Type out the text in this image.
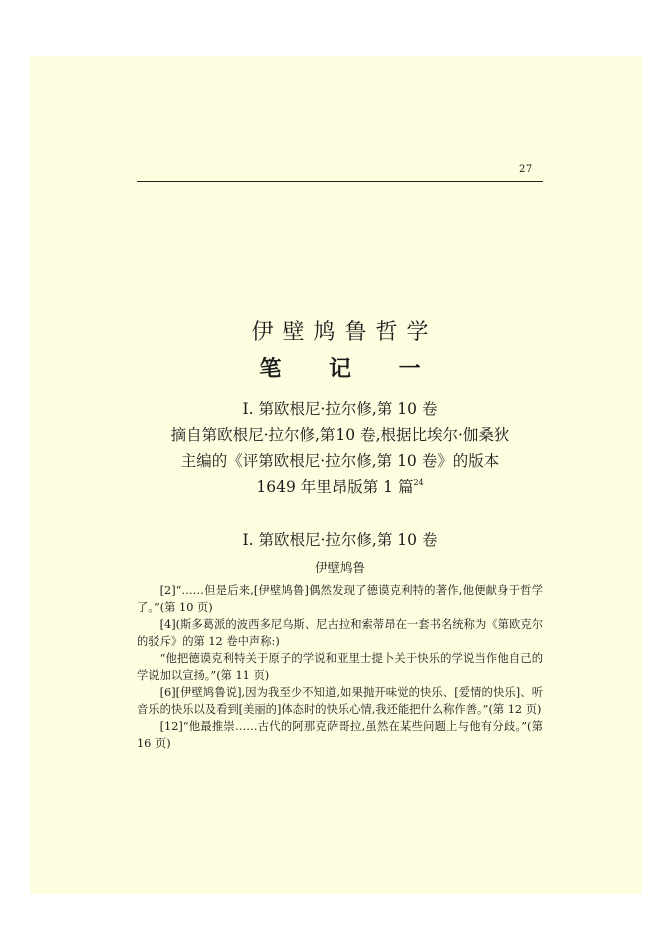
27
伊壁鸠鲁哲学
笔 记 一
Ⅰ. 第欧根尼·拉尔修,第 10 卷
摘自第欧根尼·拉尔修,第10 卷,根据比埃尔·伽桑狄
主编的《评第欧根尼·拉尔修,第 10 卷》的版本
1649 年里昂版第 1 篇$^{24}$
Ⅰ. 第欧根尼·拉尔修,第 10 卷
伊壁鸠鲁

[2]“……但是后来,[伊壁鸠鲁]偶然发现了德谟克利特的著作,他便献身于哲学了。”(第 10 页)

[4](斯多葛派的波西多尼乌斯、尼古拉和索蒂昂在一套书名统称为《第欧克尔的驳斥》的第 12 卷中声称:)

“他把德谟克利特关于原子的学说和亚里士提卜关于快乐的学说当作他自己的学说加以宣扬。”(第 11 页)

[6][伊壁鸠鲁说],因为我至少不知道,如果抛开味觉的快乐、[爱情的快乐]、听音乐的快乐以及看到[美丽的]体态时的快乐心情,我还能把什么称作善。”(第 12 页)

[12]“他最推崇……古代的阿那克萨哥拉,虽然在某些问题上与他有分歧。”(第 16 页)
